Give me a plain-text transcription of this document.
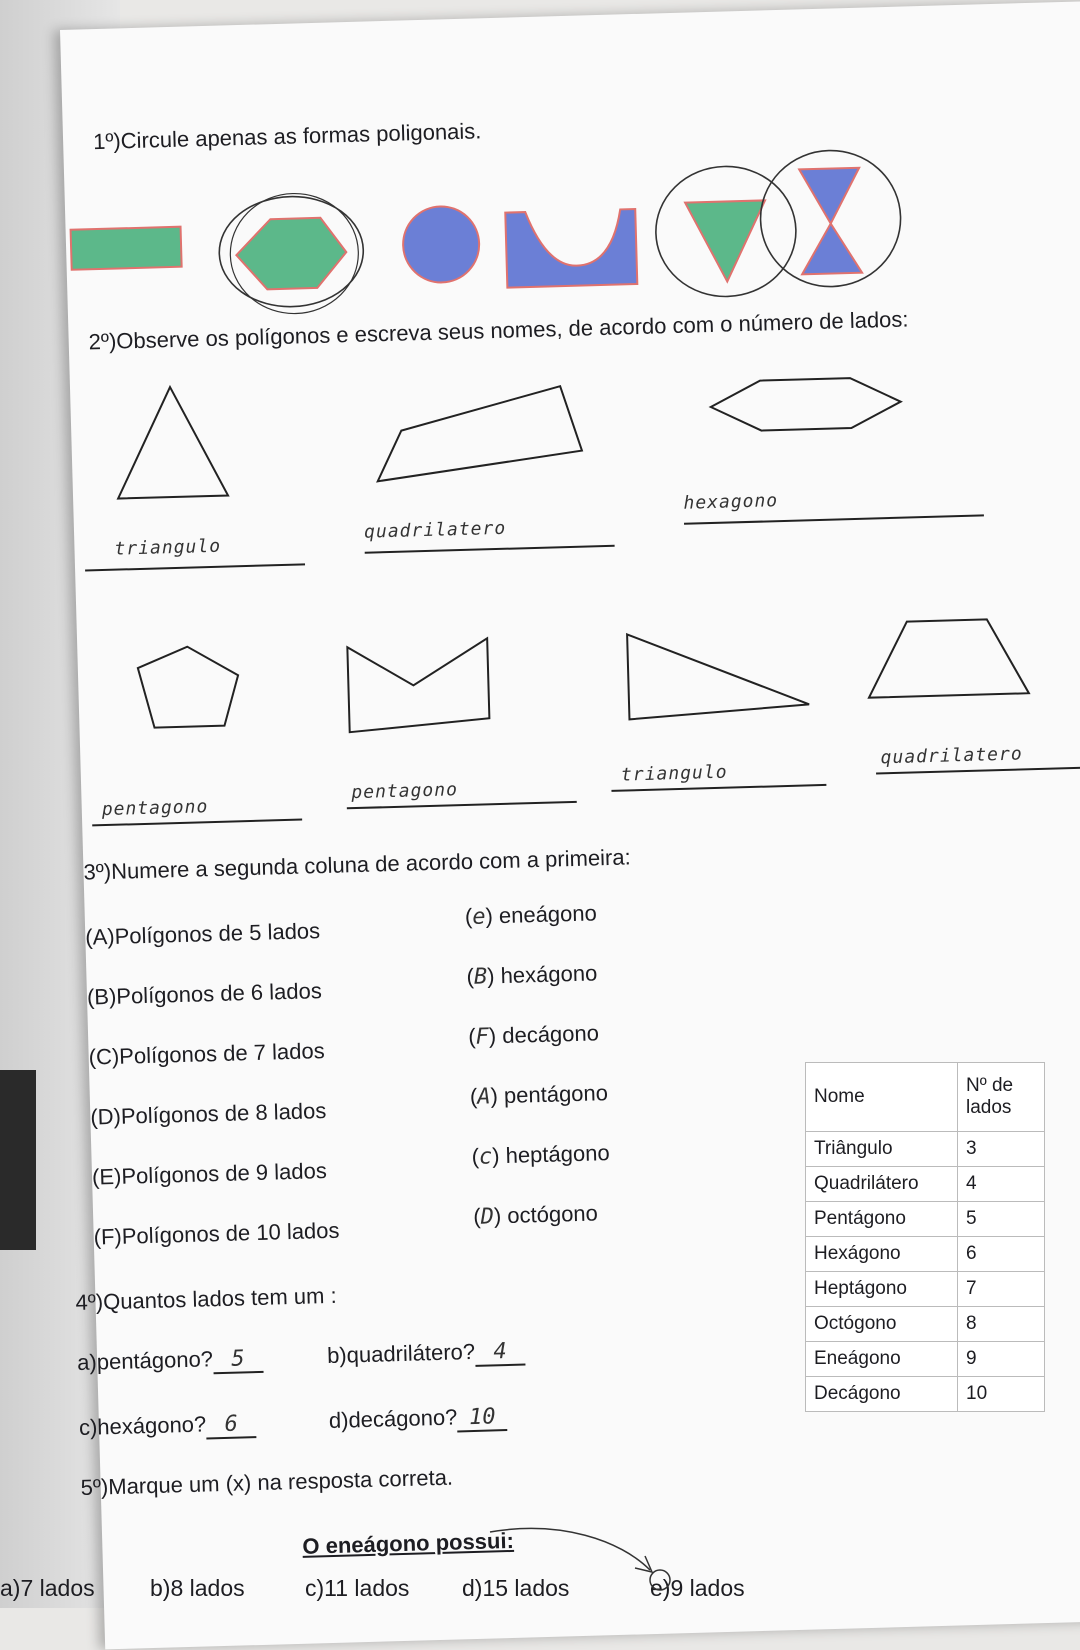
1º)Circule apenas as formas poligonais.
2º)Observe os polígonos e escreva seus nomes, de acordo com o número de lados:
triangulo
quadrilatero
hexagono
pentagono
pentagono
triangulo
quadrilatero
3º)Numere a segunda coluna de acordo com a primeira:
(A)Polígonos de 5 lados
(B)Polígonos de 6 lados
(C)Polígonos de 7 lados
(D)Polígonos de 8 lados
(E)Polígonos de 9 lados
(F)Polígonos de 10 lados
(e) eneágono
(B) hexágono
(F) decágono
(A) pentágono
(c) heptágono
(D) octógono
4º)Quantos lados tem um :
a)pentágono? 5	b)quadrilátero? 4
c)hexágono? 6	d)decágono? 10
5º)Marque um (x) na resposta correta.
O eneágono possui:
Nome	Nº de lados
Triângulo	3
Quadrilátero	4
Pentágono	5
Hexágono	6
Heptágono	7
Octógono	8
Eneágono	9
Decágono	10
a)7 lados b)8 lados	c)11 lados d)15 lados	e)9 lados
